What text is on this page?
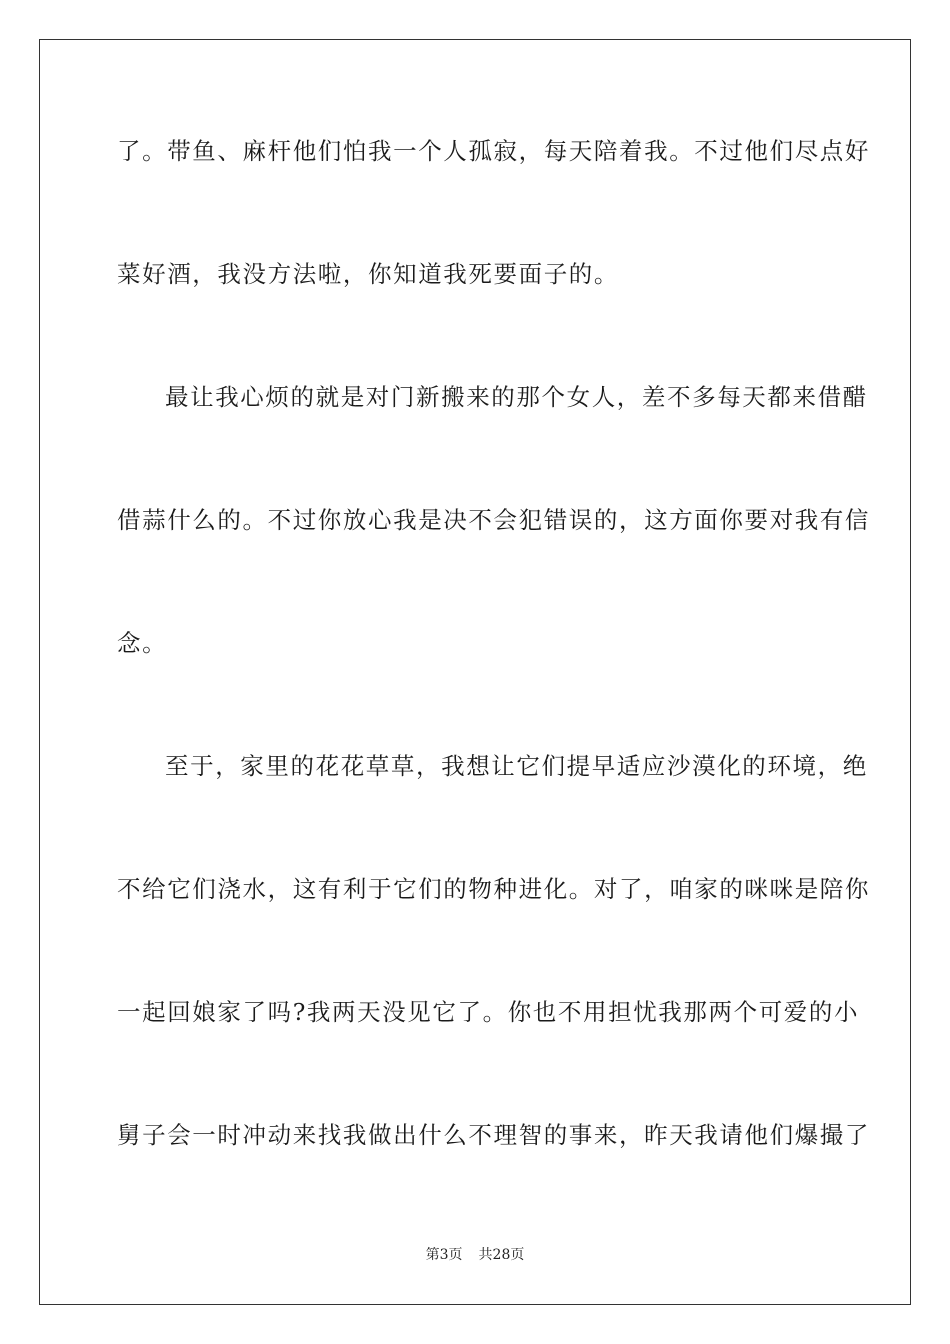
了。带鱼、麻杆他们怕我一个人孤寂，每天陪着我。不过他们尽点好
菜好酒，我没方法啦，你知道我死要面子的。
最让我心烦的就是对门新搬来的那个女人，差不多每天都来借醋
借蒜什么的。不过你放心我是决不会犯错误的，这方面你要对我有信
念。
至于，家里的花花草草，我想让它们提早适应沙漠化的环境，绝
不给它们浇水，这有利于它们的物种进化。对了，咱家的咪咪是陪你
一起回娘家了吗?我两天没见它了。你也不用担忧我那两个可爱的小
舅子会一时冲动来找我做出什么不理智的事来，昨天我请他们爆撮了
第3页 共28页
